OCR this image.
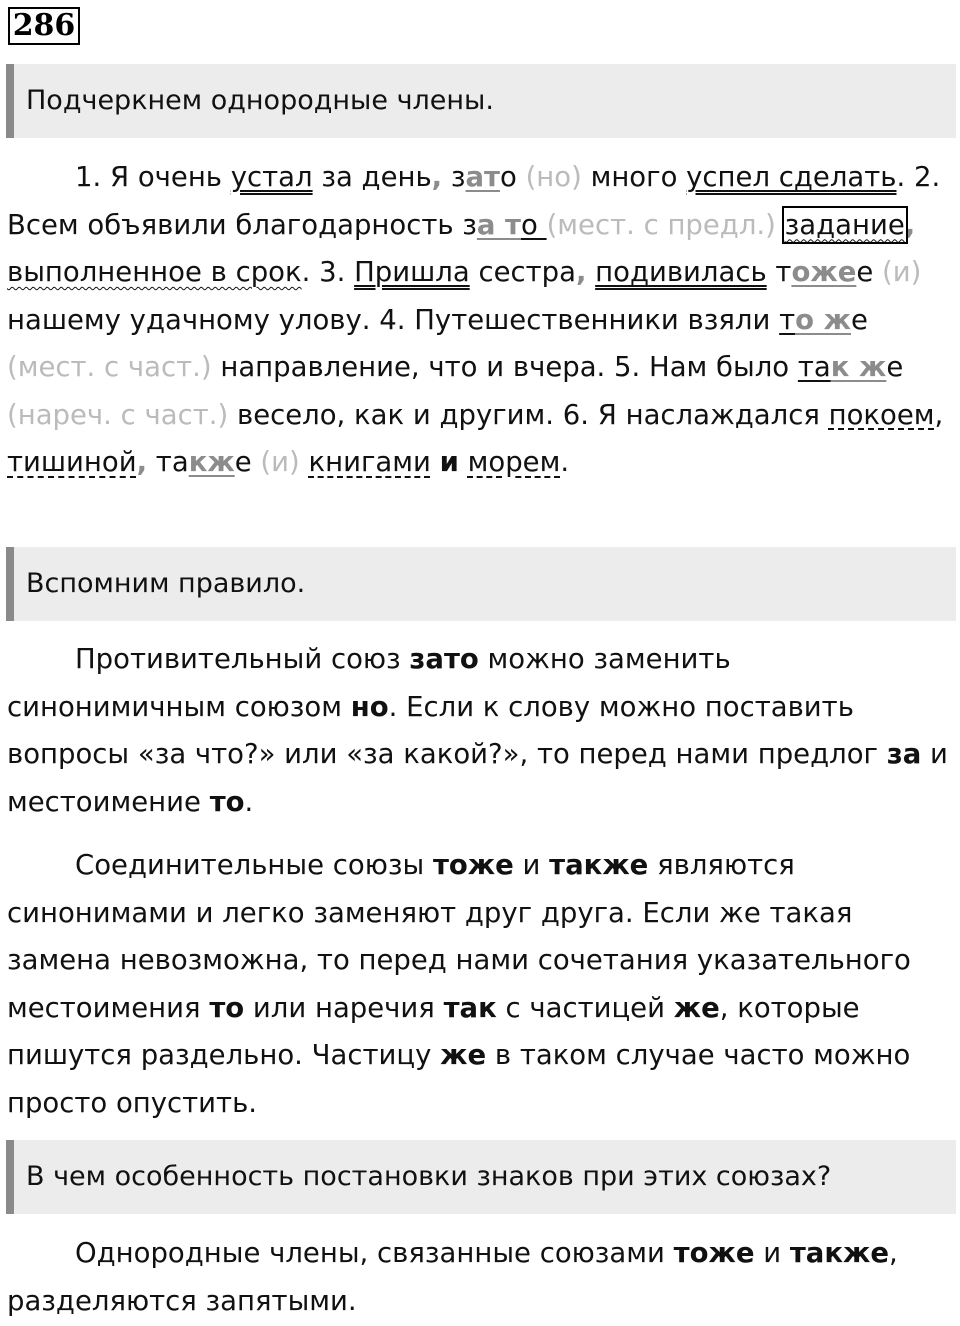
286
Подчеркнем однородные члены.

1. Я очень устал за день, зато (но) много успел сделать. 2. Всем объявили благодарность за то (мест. с предл.) задание, выполненное в срок. 3. Пришла сестра, подивилась тожее (и) нашему удачному улову. 4. Путешественники взяли то же (мест. с част.) направление, что и вчера. 5. Нам было так же (нареч. с част.) весело, как и другим. 6. Я наслаждался покоем, тишиной, также (и) книгами и морем.

Вспомним правило.

Противительный союз зато можно заменить синонимичным союзом но. Если к слову можно поставить вопросы «за что?» или «за какой?», то перед нами предлог за и местоимение то.

Соединительные союзы тоже и также являются синонимами и легко заменяют друг друга. Если же такая замена невозможна, то перед нами сочетания указательного местоимения то или наречия так с частицей же, которые пишутся раздельно. Частицу же в таком случае часто можно просто опустить.

В чем особенность постановки знаков при этих союзах?

Однородные члены, связанные союзами тоже и также, разделяются запятыми.
